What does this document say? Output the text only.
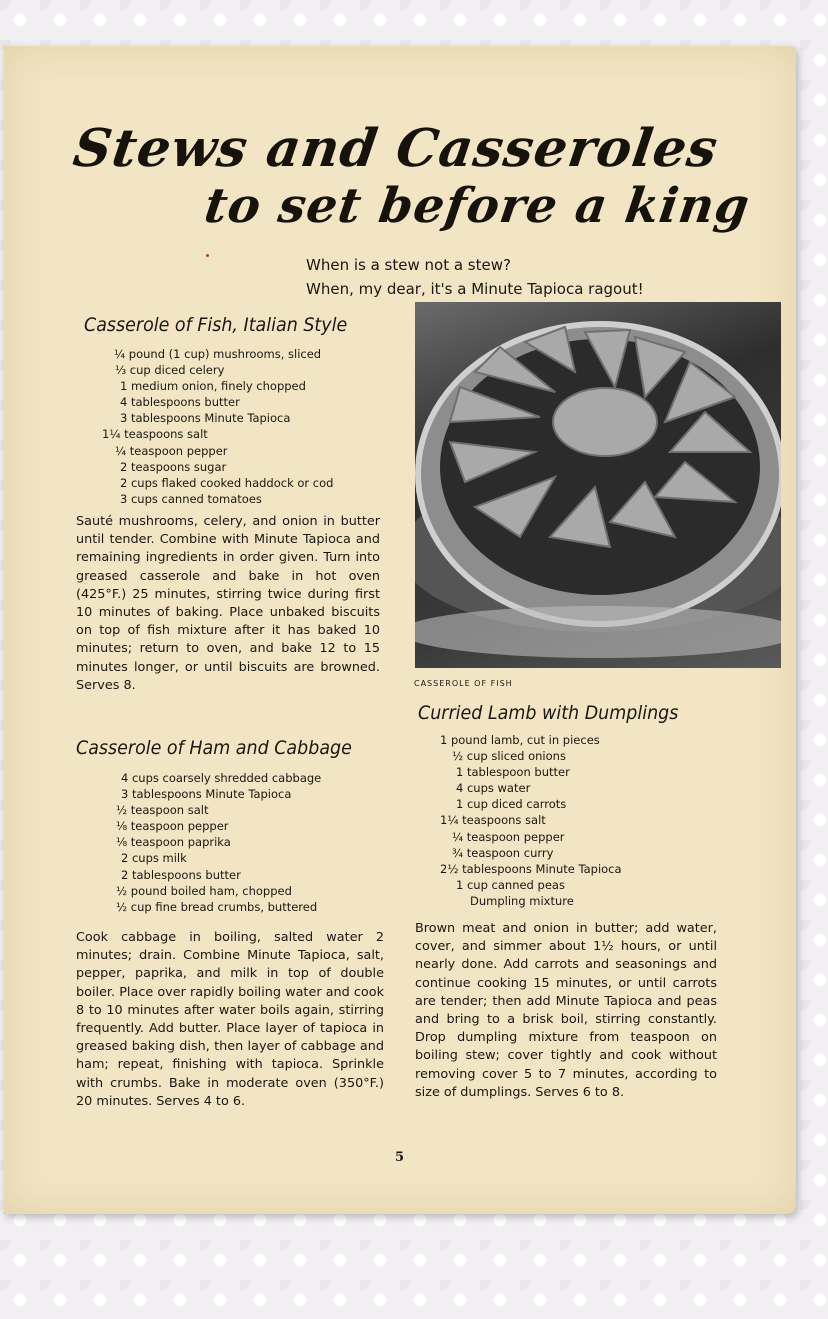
Stews and Casseroles
to set before a king
When is a stew not a stew?
When, my dear, it's a Minute Tapioca ragout!
Casserole of Fish, Italian Style
¼ pound (1 cup) mushrooms, sliced
⅓ cup diced celery
1 medium onion, finely chopped
4 tablespoons butter
3 tablespoons Minute Tapioca
1¼ teaspoons salt
¼ teaspoon pepper
2 teaspoons sugar
2 cups flaked cooked haddock or cod
3 cups canned tomatoes

Sauté mushrooms, celery, and onion in butter until tender. Combine with Minute Tapioca and remaining ingredients in order given. Turn into greased casserole and bake in hot oven (425°F.) 25 minutes, stirring twice during first 10 minutes of baking. Place unbaked biscuits on top of fish mixture after it has baked 10 minutes; return to oven, and bake 12 to 15 minutes longer, or until biscuits are browned. Serves 8.

Casserole of Ham and Cabbage
4 cups coarsely shredded cabbage
3 tablespoons Minute Tapioca
½ teaspoon salt
⅛ teaspoon pepper
⅛ teaspoon paprika
2 cups milk
2 tablespoons butter
½ pound boiled ham, chopped
½ cup fine bread crumbs, buttered

Cook cabbage in boiling, salted water 2 minutes; drain. Combine Minute Tapioca, salt, pepper, paprika, and milk in top of double boiler. Place over rapidly boiling water and cook 8 to 10 minutes after water boils again, stirring frequently. Add butter. Place layer of tapioca in greased baking dish, then layer of cabbage and ham; repeat, finishing with tapioca. Sprinkle with crumbs. Bake in moderate oven (350°F.) 20 minutes. Serves 4 to 6.

CASSEROLE OF FISH
Curried Lamb with Dumplings
1 pound lamb, cut in pieces
½ cup sliced onions
1 tablespoon butter
4 cups water
1 cup diced carrots
1¼ teaspoons salt
¼ teaspoon pepper
¾ teaspoon curry
2½ tablespoons Minute Tapioca
1 cup canned peas
Dumpling mixture

Brown meat and onion in butter; add water, cover, and simmer about 1½ hours, or until nearly done. Add carrots and seasonings and continue cooking 15 minutes, or until carrots are tender; then add Minute Tapioca and peas and bring to a brisk boil, stirring constantly. Drop dumpling mixture from teaspoon on boiling stew; cover tightly and cook without removing cover 5 to 7 minutes, according to size of dumplings. Serves 6 to 8.

5
